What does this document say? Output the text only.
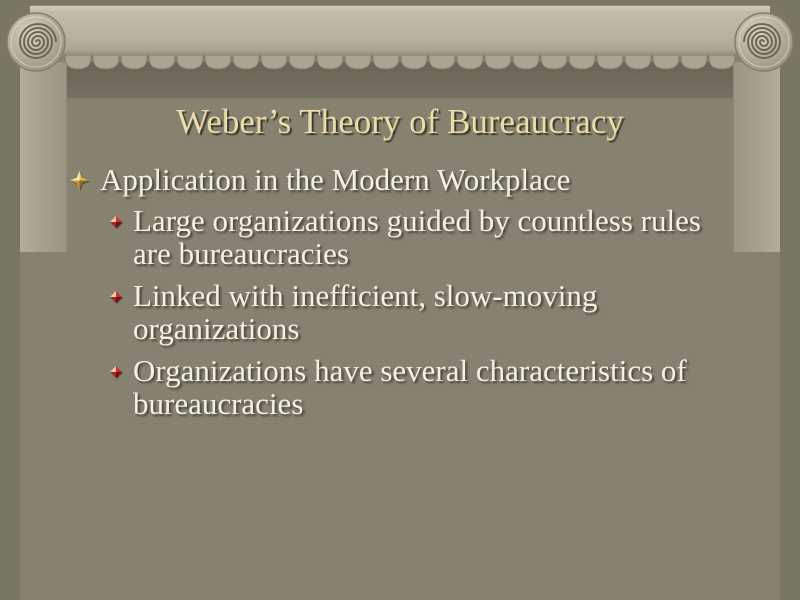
Weber’s Theory of Bureaucracy

Application in the Modern Workplace

Large organizations guided by countless rules are bureaucracies

Linked with inefficient, slow-moving organizations

Organizations have several characteristics of bureaucracies
